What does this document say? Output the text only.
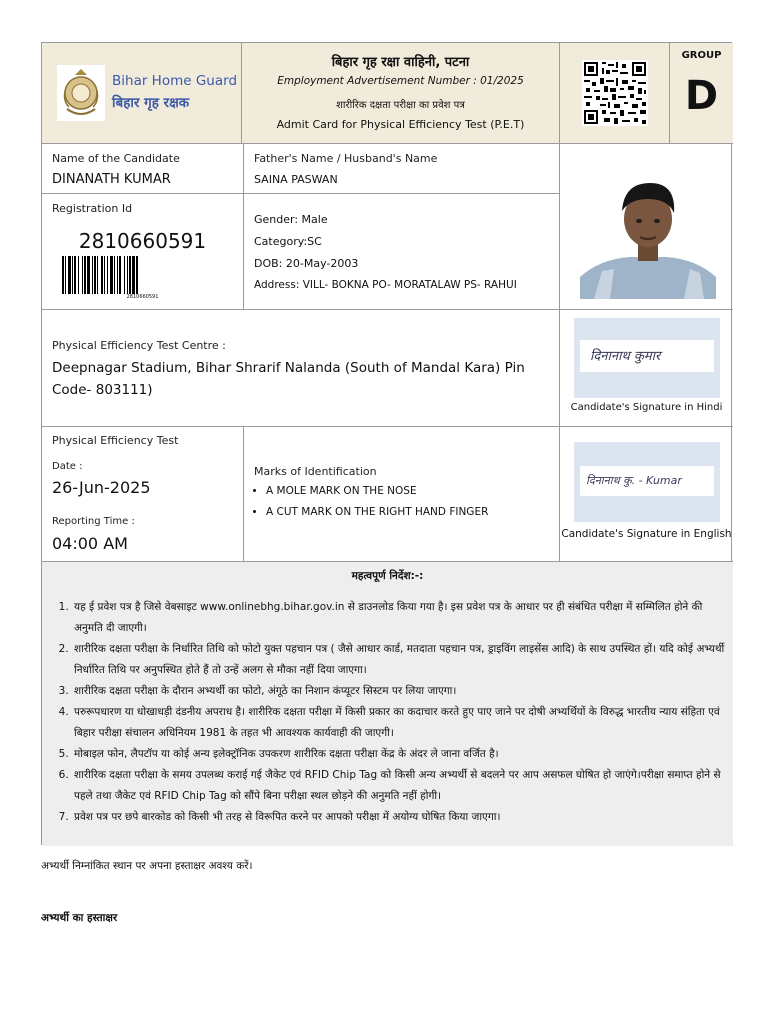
Bihar Home Guard
बिहार गृह रक्षक
बिहार गृह रक्षा वाहिनी, पटना
Employment Advertisement Number : 01/2025
शारीरिक दक्षता परीक्षा का प्रवेश पत्र
Admit Card for Physical Efficiency Test (P.E.T)
GROUP
D
Name of the Candidate
DINANATH KUMAR
Father's Name / Husband's Name
SAINA PASWAN
Registration Id
2810660591
2810660591
Gender: Male
Category:SC
DOB: 20-May-2003
Address: VILL- BOKNA PO- MORATALAW PS- RAHUI
Physical Efficiency Test Centre :
Deepnagar Stadium, Bihar Shrarif Nalanda (South of Mandal Kara) Pin Code- 803111)
दिनानाथ कुमार
Candidate's Signature in Hindi
Physical Efficiency Test
Date :
26-Jun-2025
Reporting Time :
04:00 AM
Marks of Identification
• A MOLE MARK ON THE NOSE
• A CUT MARK ON THE RIGHT HAND FINGER
दिनानाथ कु. - Kumar
Candidate's Signature in English
महत्वपूर्ण निर्देश:-:
1. यह ई प्रवेश पत्र है जिसे वेबसाइट www.onlinebhg.bihar.gov.in से डाउनलोड किया गया है। इस प्रवेश पत्र के आधार पर ही संबंधित परीक्षा में सम्मिलित होने की अनुमति दी जाएगी।
2. शारीरिक दक्षता परीक्षा के निर्धारित तिथि को फोटो युक्त पहचान पत्र ( जैसे आधार कार्ड, मतदाता पहचान पत्र, ड्राइविंग लाइसेंस आदि) के साथ उपस्थित हों। यदि कोई अभ्यर्थी निर्धारित तिथि पर अनुपस्थित होते हैं तो उन्हें अलग से मौका नहीं दिया जाएगा।
3. शारीरिक दक्षता परीक्षा के दौरान अभ्यर्थी का फोटो, अंगूठे का निशान कंप्यूटर सिस्टम पर लिया जाएगा।
4. परुरूपधारण या धोखाधड़ी दंडनीय अपराध है। शारीरिक दक्षता परीक्षा में किसी प्रकार का कदाचार करते हुए पाए जाने पर दोषी अभ्यर्थियों के विरुद्ध भारतीय न्याय संहिता एवं बिहार परीक्षा संचालन अधिनियम 1981 के तहत भी आवश्यक कार्यवाही की जाएगी।
5. मोबाइल फोन, लैपटॉप या कोई अन्य इलेक्ट्रॉनिक उपकरण शारीरिक दक्षता परीक्षा केंद्र के अंदर ले जाना वर्जित है।
6. शारीरिक दक्षता परीक्षा के समय उपलब्ध कराई गई जैकेट एवं RFID Chip Tag को किसी अन्य अभ्यर्थी से बदलने पर आप असफल घोषित हो जाएंगे।परीक्षा समाप्त होने से पहले तथा जैकेट एवं RFID Chip Tag को सौंपे बिना परीक्षा स्थल छोड़ने की अनुमति नहीं होगी।
7. प्रवेश पत्र पर छपे बारकोड को किसी भी तरह से विरूपित करने पर आपको परीक्षा में अयोग्य घोषित किया जाएगा।
अभ्यर्थी निम्नांकित स्थान पर अपना हस्ताक्षर अवश्य करें।
अभ्यर्थी का हस्ताक्षर
